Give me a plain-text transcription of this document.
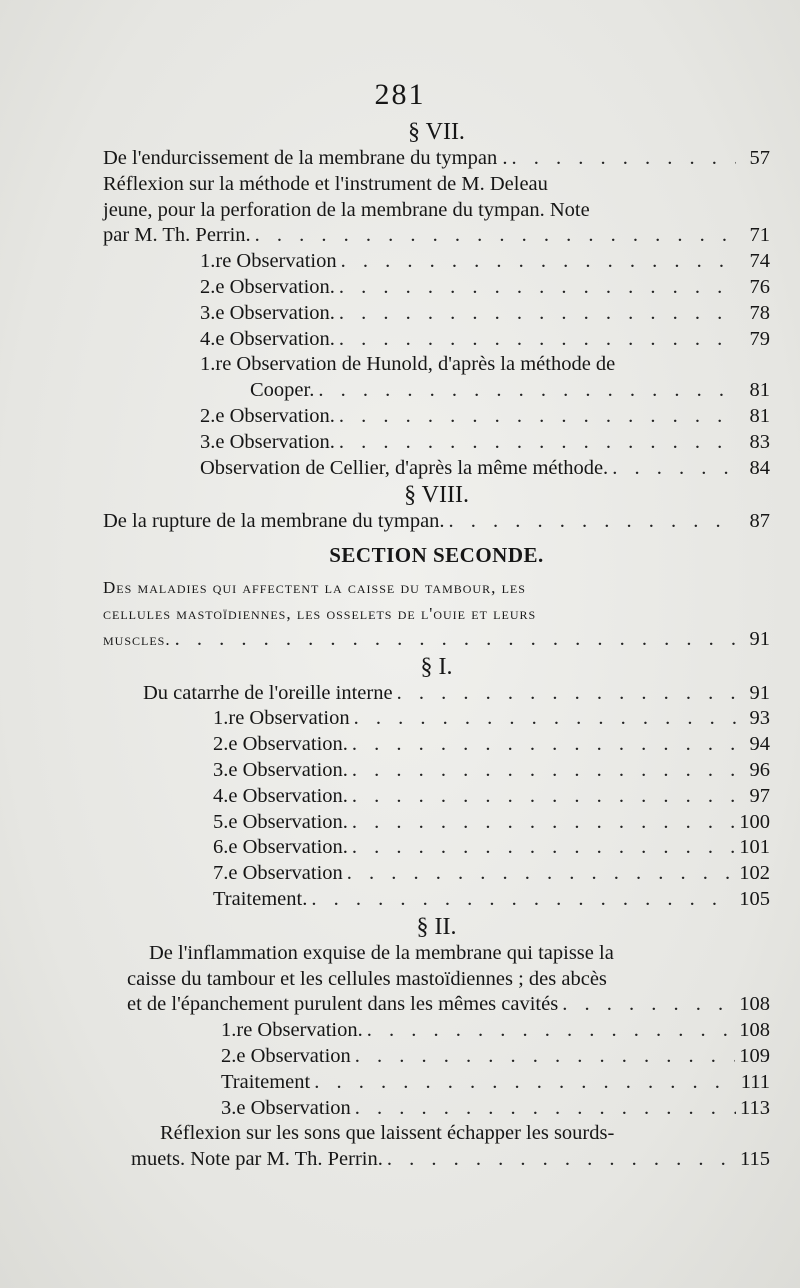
281
§ VII.
De l'endurcissement de la membrane du tympan . . . .	57
Réflexion sur la méthode et l'instrument de M. Deleau
jeune, pour la perforation de la membrane du tympan. Note
par M. Th. Perrin. . . .	71
1.re Observation . . .	74
2.e Observation. . . .	76
3.e Observation. . . .	78
4.e Observation. . . .	79
1.re Observation de Hunold, d'après la méthode de
Cooper. . . .	81
2.e Observation. . . .	81
3.e Observation. . . .	83
Observation de Cellier, d'après la même méthode. . . .	84
§ VIII.
De la rupture de la membrane du tympan. . . .	87
SECTION SECONDE.
Des maladies qui affectent la caisse du tambour, les
cellules mastoïdiennes, les osselets de l'ouie et leurs
muscles. . . .	91
§ I.
Du catarrhe de l'oreille interne . . .	91
1.re Observation . . .	93
2.e Observation. . . .	94
3.e Observation. . . .	96
4.e Observation. . . .	97
5.e Observation. . . .	100
6.e Observation. . . .	101
7.e Observation . . .	102
Traitement. . . .	105
§ II.
De l'inflammation exquise de la membrane qui tapisse la
caisse du tambour et les cellules mastoïdiennes ; des abcès
et de l'épanchement purulent dans les mêmes cavités . . .	108
1.re Observation. . . .	108
2.e Observation . . .	109
Traitement . . .	111
3.e Observation . . .	113
Réflexion sur les sons que laissent échapper les sourds-
muets. Note par M. Th. Perrin. . . .	115
